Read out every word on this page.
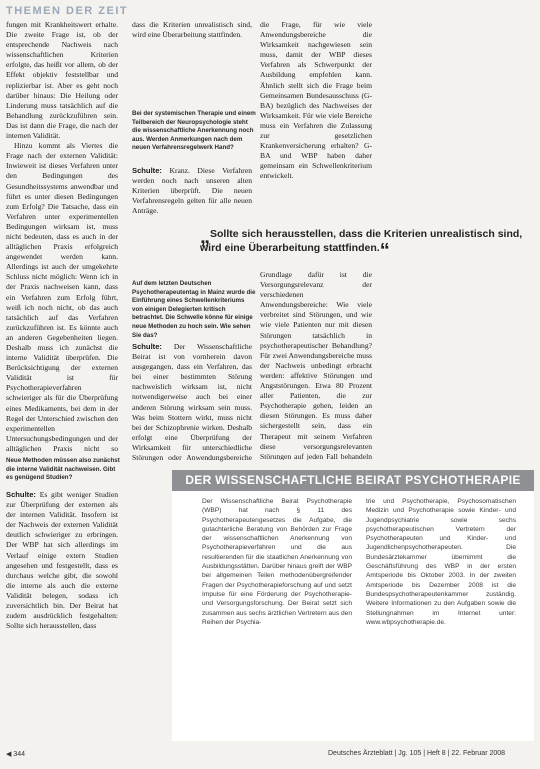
THEMEN DER ZEIT

fungen mit Krankheitswert erhalte. Die zweite Frage ist, ob der entsprechende Nachweis nach wissenschaftlichen Kriterien erfolgte, das heißt vor allem, ob der Effekt objektiv feststellbar und replizierbar ist. Aber es geht noch darüber hinaus: Die Heilung oder Linderung muss tatsächlich auf die Behandlung zurückzuführen sein. Das ist dann die Frage, die nach der internen Validität.

Hinzu kommt als Viertes die Frage nach der externen Validität: Inwieweit ist dieses Verfahren unter den Bedingungen des Gesundheitssystems anwendbar und führt es unter diesen Bedingungen zum Erfolg? Die Tatsache, dass ein Verfahren unter experimentellen Bedingungen wirksam ist, muss nicht bedeuten, dass es auch in der alltäglichen Praxis erfolgreich angewendet werden kann. Allerdings ist auch der umgekehrte Schluss nicht möglich: Wenn ich in der Praxis nachweisen kann, dass ein Verfahren zum Erfolg führt, weiß ich noch nicht, ob das auch tatsächlich auf das Verfahren zurückzuführen ist. Es könnte auch an anderen Gegebenheiten liegen. Deshalb muss ich zunächst die interne Validität überprüfen. Die Berücksichtigung der externen Validität ist für Psychotherapieverfahren schwieriger als für die Überprüfung eines Medikaments, bei dem in der Regel der Unterschied zwischen den experimentellen Untersuchungsbedingungen und der alltäglichen Praxis nicht so

Neue Methoden müssen also zunächst die interne Validität nachweisen. Gibt es genügend Studien?

Schulte: Es gibt weniger Studien zur Überprüfung der externen als der internen Validität. Insofern ist der Nachweis der externen Validität deutlich schwieriger zu erbringen. Der WBP hat sich allerdings im Verlauf einige extern Studien angesehen und festgestellt, dass es durchaus welche gibt, die sowohl die interne als auch die externe Validität belegen, sodass ich zuversichtlich bin. Der Beirat hat zudem ausdrücklich festgehalten: Sollte sich herausstellen, dass

dass die Kriterien unrealistisch sind, wird eine Überarbeitung stattfinden.
Bei der systemischen Therapie und einem Teilbereich der Neuropsychologie steht die wissenschaftliche Anerkennung noch aus. Werden Anmerkungen nach dem neuen Verfahrensregelwerk Hand?

Schulte: Kranz. Diese Verfahren werden noch nach unseren alten Kriterien überprüft. Die neuen Verfahrensregeln gelten für alle neuen Anträge.

die Frage, für wie viele Anwendungsbereiche die Wirksamkeit nachgewiesen sein muss, damit der WBP dieses Verfahren als Schwerpunkt der Ausbildung empfehlen kann. Ähnlich stellt sich die Frage beim Gemeinsamen Bundesausschuss (G-BA) bezüglich des Nachweises der Wirksamkeit. Für wie viele Bereiche muss ein Verfahren die Zulassung zur gesetzlichen Krankenversicherung erhalten? G-BA und WBP haben daher gemeinsam ein Schwellenkriterium entwickelt.
„Sollte sich herausstellen, dass die Kriterien unrealistisch sind, wird eine Überarbeitung stattfinden.“
Auf dem letzten Deutschen Psychotherapeutentag in Mainz wurde die Einführung eines Schwellenkriteriums von einigen Delegierten kritisch betrachtet. Die Schwelle könne für einige neue Methoden zu hoch sein. Wie sehen Sie das?

Schulte: Der Wissenschaftliche Beirat ist von vornherein davon ausgegangen, dass ein Verfahren, das bei einer bestimmten Störung nachweislich wirksam ist, nicht notwendigerweise auch bei einer anderen Störung wirksam sein muss. Was beim Stottern wirkt, muss nicht bei der Schizophrenie wirken. Deshalb erfolgt eine Überprüfung der Wirksamkeit für unterschiedliche Störungen oder Anwendungsbereiche

Grundlage dafür ist die Versorgungsrelevanz der verschiedenen Anwendungsbereiche: Wie viele verbreitet sind Störungen, und wie wie viele Patienten nur mit diesen Störungen tatsächlich in psychotherapeutischer Behandlung? Für zwei Anwendungsbereiche muss der Nachweis unbedingt erbracht werden: affektive Störungen und Angststörungen. Etwa 80 Prozent aller Patienten, die zur Psychotherapie gehen, leiden an diesen Störungen. Es muss daher sichergestellt sein, dass ein Therapeut mit seinem Verfahren diese versorgungsrelevanten Störungen auf jeden Fall behandeln

DER WISSENSCHAFTLICHE BEIRAT PSYCHOTHERAPIE

Der Wissenschaftliche Beirat Psychotherapie (WBP) hat nach § 11 des Psychotherapeutengesetzes die Aufgabe, die gutachterliche Beratung von Behörden zur Frage der wissenschaftlichen Anerkennung von Psychotherapieverfahren und die aus resultierenden für die staatlichen Anerkennung von Ausbildungsstätten. Darüber hinaus greift der WBP bei allgemeinen Teilen methodenübergreifender Fragen der Psychotherapieforschung auf und setzt Impulse für eine Förderung der Psychotherapie- und Versorgungsforschung. Der Beirat setzt sich zusammen aus sechs ärztlichen Vertretern aus den Reihen der Psychia-

trie und Psychotherapie, Psychosomatischen Medizin und Psychotherapie sowie Kinder- und Jugendpsychiatrie sowie sechs psychotherapeutischen Vertretern der Psychotherapeuten und Kinder- und Jugendlichenpsychotherapeuten. Die Bundesärztekammer übernimmt die Geschäftsführung des WBP in der ersten Amtsperiode bis Oktober 2003. In der zweiten Amtsperiode bis Dezember 2008 ist die Bundespsychotherapeutenkammer zuständig. Weitere Informationen zu den Aufgaben sowie die Stellungnahmen im Internet unter: www.wbpsychotherapie.de.

◀ 344	Deutsches Ärzteblatt | Jg. 105 | Heft 8 | 22. Februar 2008
